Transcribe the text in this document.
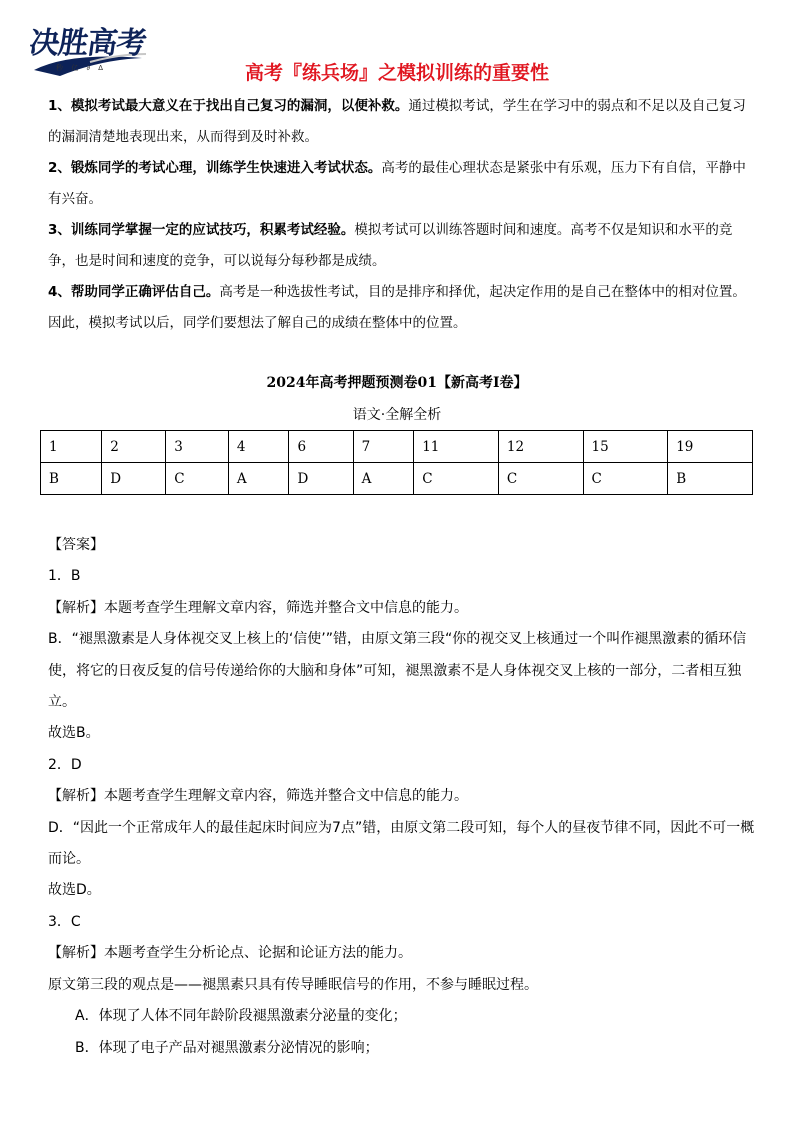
决胜高考
秒 亿 ∂ ∆	高考『练兵场』之模拟训练的重要性

1、模拟考试最大意义在于找出自己复习的漏洞，以便补救。通过模拟考试，学生在学习中的弱点和不足以及自己复习的漏洞清楚地表现出来，从而得到及时补救。

2、锻炼同学的考试心理，训练学生快速进入考试状态。高考的最佳心理状态是紧张中有乐观，压力下有自信，平静中有兴奋。

3、训练同学掌握一定的应试技巧，积累考试经验。模拟考试可以训练答题时间和速度。高考不仅是知识和水平的竞争，也是时间和速度的竞争，可以说每分每秒都是成绩。

4、帮助同学正确评估自己。高考是一种选拔性考试，目的是排序和择优，起决定作用的是自己在整体中的相对位置。因此，模拟考试以后，同学们要想法了解自己的成绩在整体中的位置。

2024年高考押题预测卷01【新高考Ⅰ卷】
语文·全解全析
1	2	3	4	6	7	11	12	15	19
B	D	C	A	D	A	C	C	C	B

【答案】

1．B

【解析】本题考查学生理解文章内容，筛选并整合文中信息的能力。

B．“褪黑激素是人身体视交叉上核上的‘信使’”错，由原文第三段“你的视交叉上核通过一个叫作褪黑激素的循环信使，将它的日夜反复的信号传递给你的大脑和身体”可知，褪黑激素不是人身体视交叉上核的一部分，二者相互独立。

故选B。

2．D

【解析】本题考查学生理解文章内容，筛选并整合文中信息的能力。

D．“因此一个正常成年人的最佳起床时间应为7点”错，由原文第二段可知，每个人的昼夜节律不同，因此不可一概而论。

故选D。

3．C

【解析】本题考查学生分析论点、论据和论证方法的能力。

原文第三段的观点是——褪黑素只具有传导睡眠信号的作用，不参与睡眠过程。

A．体现了人体不同年龄阶段褪黑激素分泌量的变化；

B．体现了电子产品对褪黑激素分泌情况的影响；
